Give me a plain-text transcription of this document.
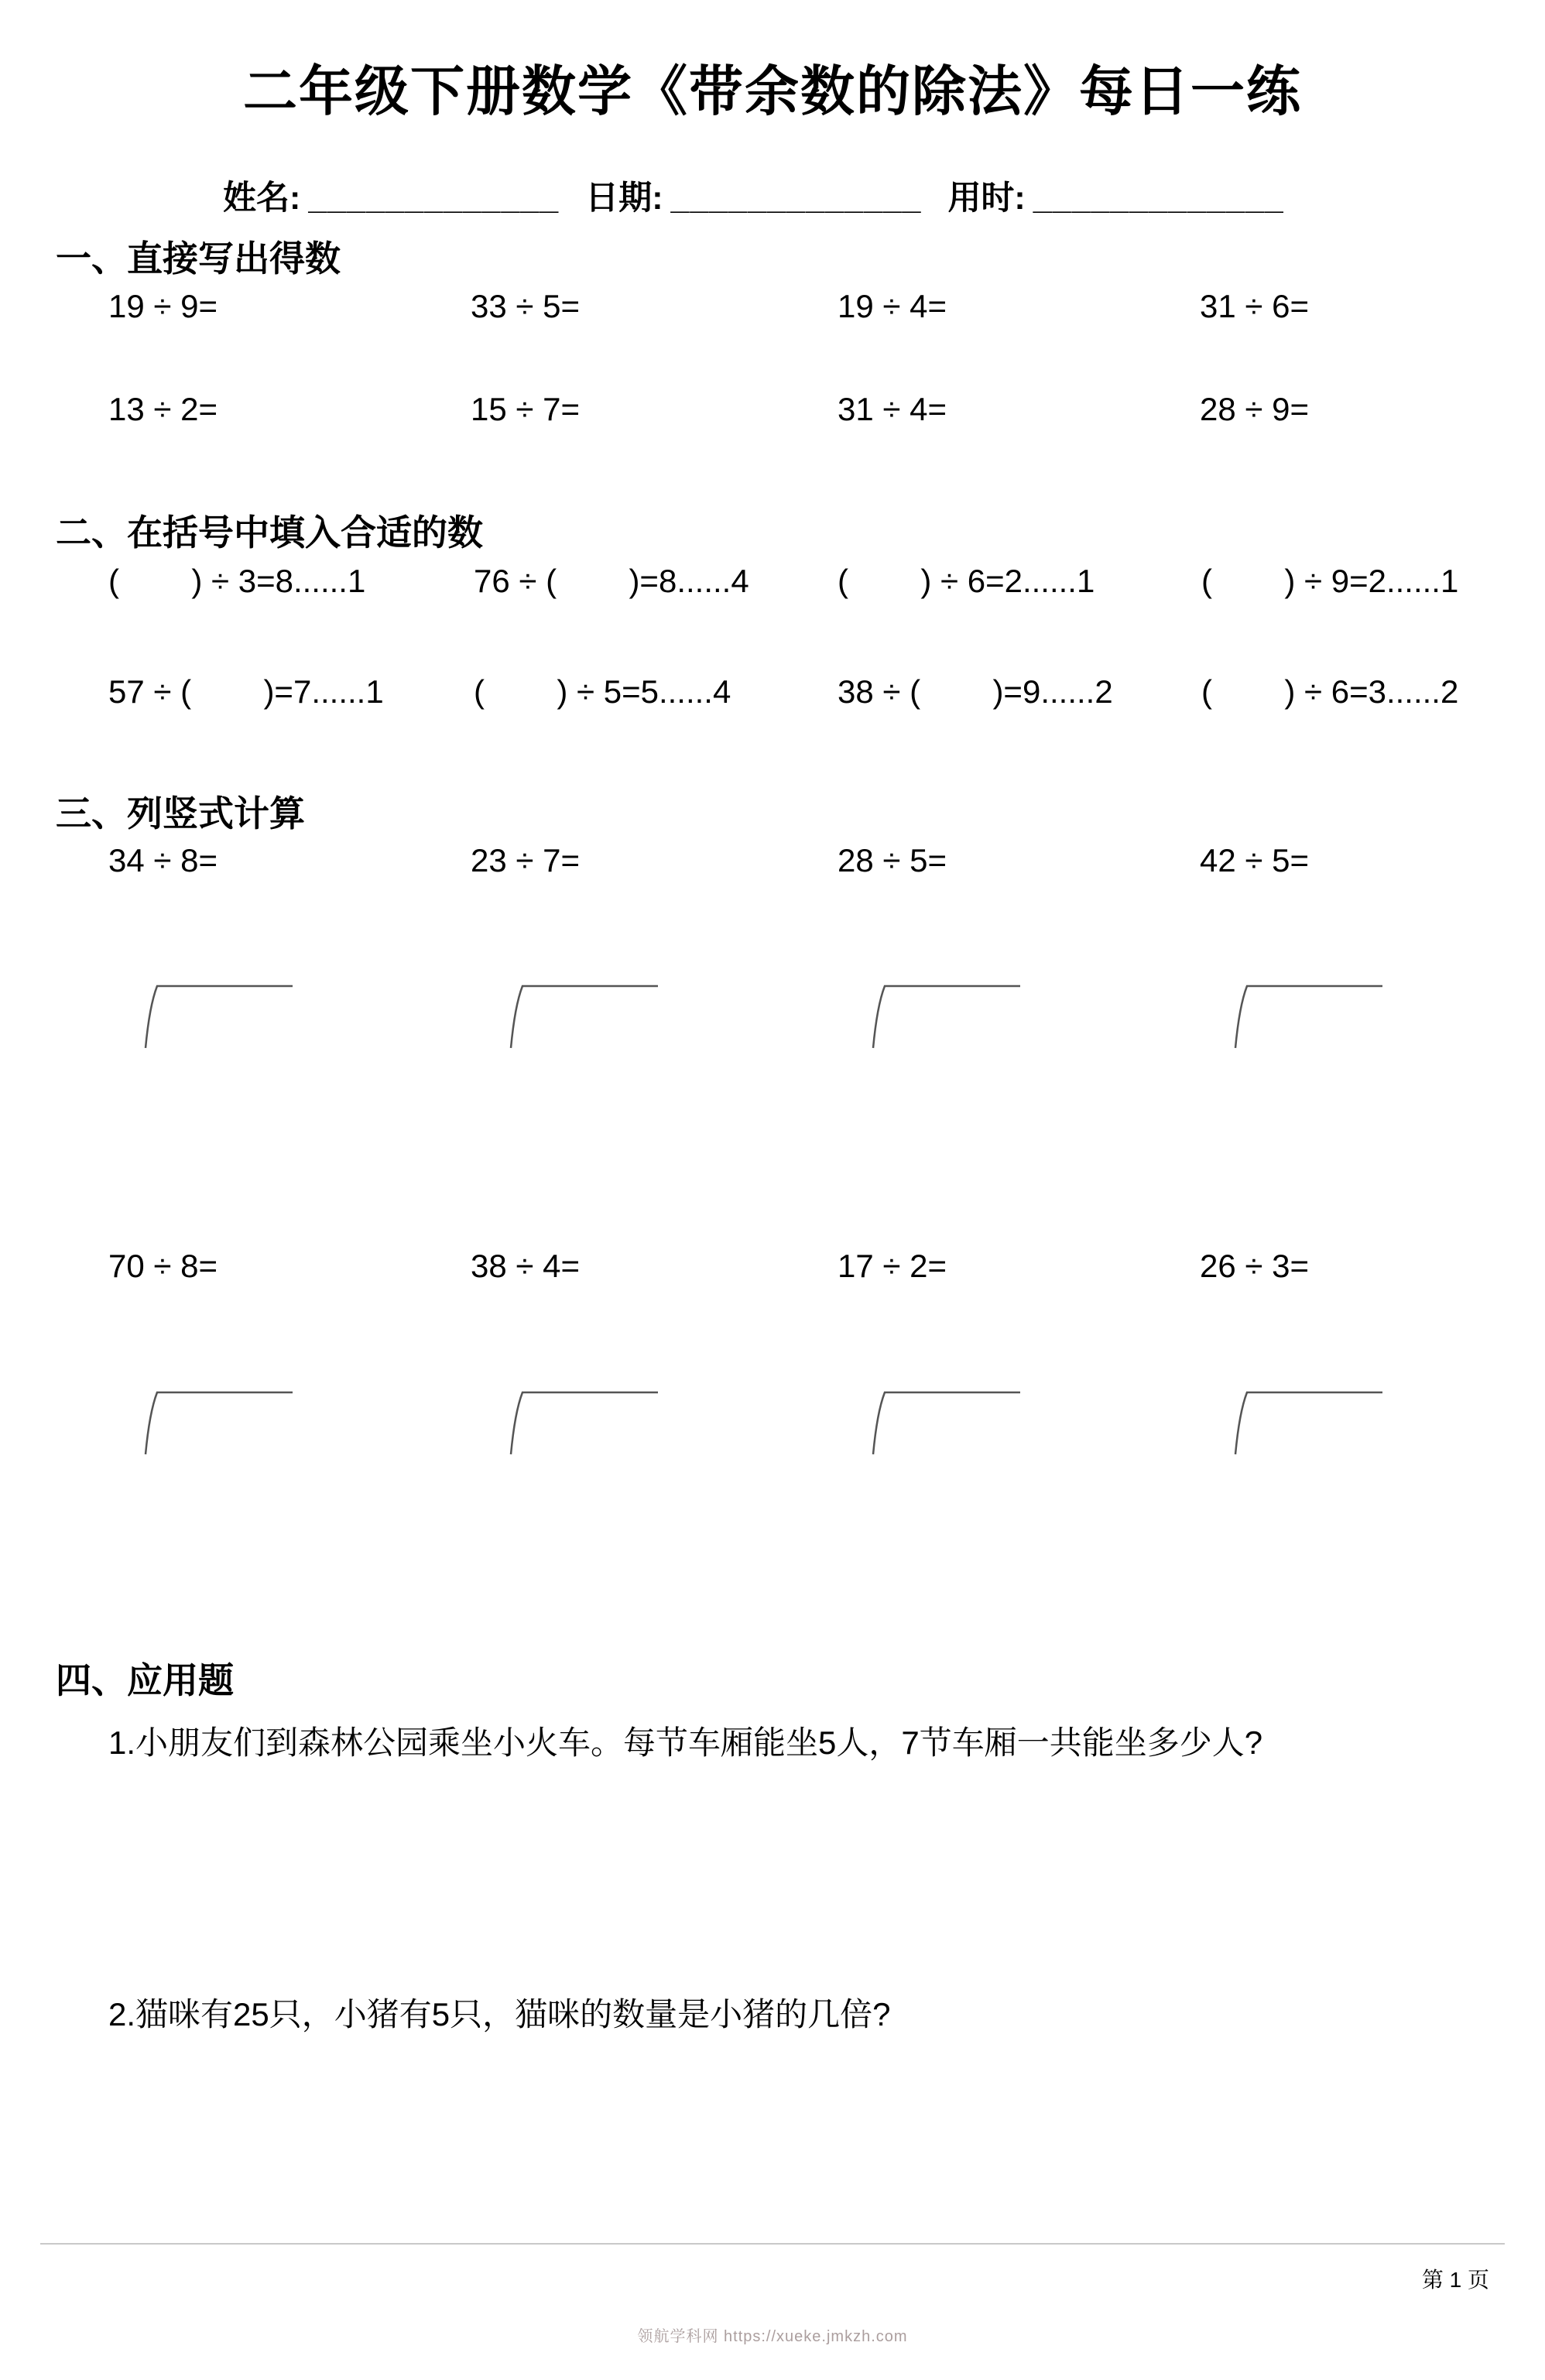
二年级下册数学《带余数的除法》每日一练
姓名: _____________ 日期: _____________ 用时: _____________
一、直接写出得数
19 ÷ 9=	33 ÷ 5=	19 ÷ 4=	31 ÷ 6=
13 ÷ 2=	15 ÷ 7=	31 ÷ 4=	28 ÷ 9=
二、在括号中填入合适的数
(        ) ÷ 3=8......1	76 ÷ (        )=8......4	(        ) ÷ 6=2......1	(        ) ÷ 9=2......1
57 ÷ (        )=7......1	(        ) ÷ 5=5......4	38 ÷ (        )=9......2	(        ) ÷ 6=3......2
三、列竖式计算
34 ÷ 8=	23 ÷ 7=	28 ÷ 5=	42 ÷ 5=
70 ÷ 8=	38 ÷ 4=	17 ÷ 2=	26 ÷ 3=
四、应用题

1.小朋友们到森林公园乘坐小火车。每节车厢能坐5人，7节车厢一共能坐多少人?

2.猫咪有25只，小猪有5只，猫咪的数量是小猪的几倍?

第 1 页
领航学科网 https://xueke.jmkzh.com
